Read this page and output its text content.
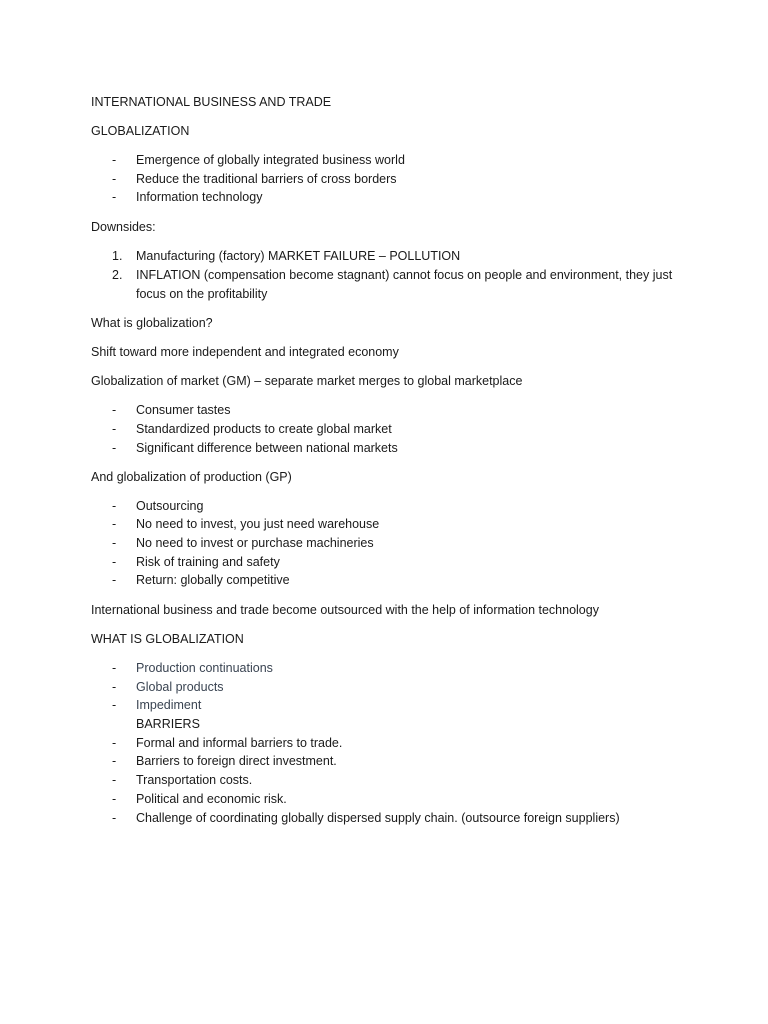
INTERNATIONAL BUSINESS AND TRADE
GLOBALIZATION
- Emergence of globally integrated business world
- Reduce the traditional barriers of cross borders
- Information technology
Downsides:
1. Manufacturing (factory) MARKET FAILURE – POLLUTION
2. INFLATION (compensation become stagnant) cannot focus on people and environment, they just
focus on the profitability
What is globalization?
Shift toward more independent and integrated economy
Globalization of market (GM) – separate market merges to global marketplace
- Consumer tastes
- Standardized products to create global market
- Significant difference between national markets
And globalization of production (GP)
- Outsourcing
- No need to invest, you just need warehouse
- No need to invest or purchase machineries
- Risk of training and safety
- Return: globally competitive
International business and trade become outsourced with the help of information technology
WHAT IS GLOBALIZATION
- Production continuations
- Global products
- Impediment
BARRIERS
- Formal and informal barriers to trade.
- Barriers to foreign direct investment.
- Transportation costs.
- Political and economic risk.
- Challenge of coordinating globally dispersed supply chain. (outsource foreign suppliers)
